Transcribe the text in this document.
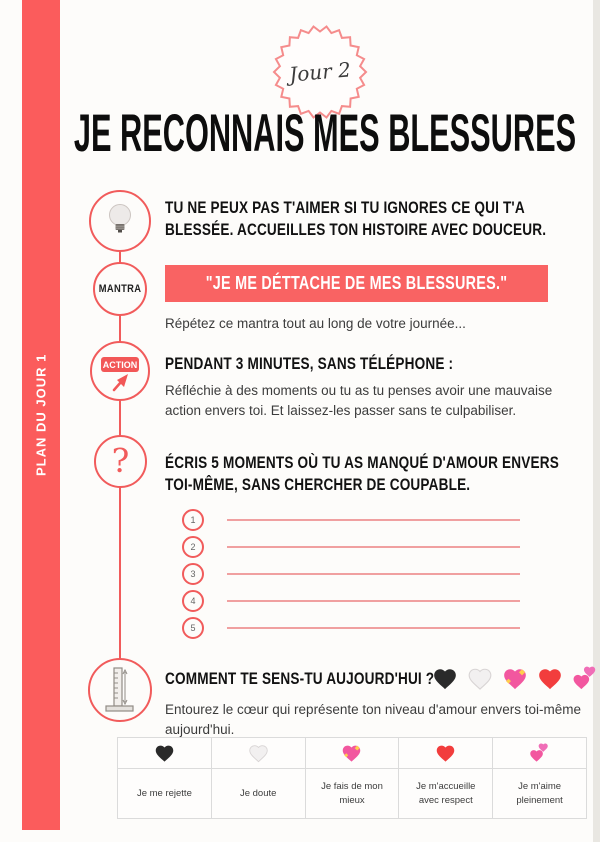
PLAN DU JOUR 1
Jour 2
JE RECONNAIS MES BLESSURES
MANTRA
ACTION
?
TU NE PEUX PAS T'AIMER SI TU IGNORES CE QUI T'A BLESSÉE. ACCUEILLES TON HISTOIRE AVEC DOUCEUR.
"JE ME DÉTTACHE DE MES BLESSURES."
Répétez ce mantra tout au long de votre journée...
PENDANT 3 MINUTES, SANS TÉLÉPHONE :
Réfléchie à des moments ou tu as tu penses avoir une mauvaise action envers toi. Et laissez-les passer sans te culpabiliser.
ÉCRIS 5 MOMENTS OÙ TU AS MANQUÉ D'AMOUR ENVERS TOI-MÊME, SANS CHERCHER DE COUPABLE.
1
2
3
4
5
COMMENT TE SENS-TU AUJOURD'HUI ?
Entourez le cœur qui représente ton niveau d'amour envers toi-même aujourd'hui.
Je me rejette	Je doute
Je fais de mon mieux
Je m'accueille avec respect
Je m'aime pleinement
